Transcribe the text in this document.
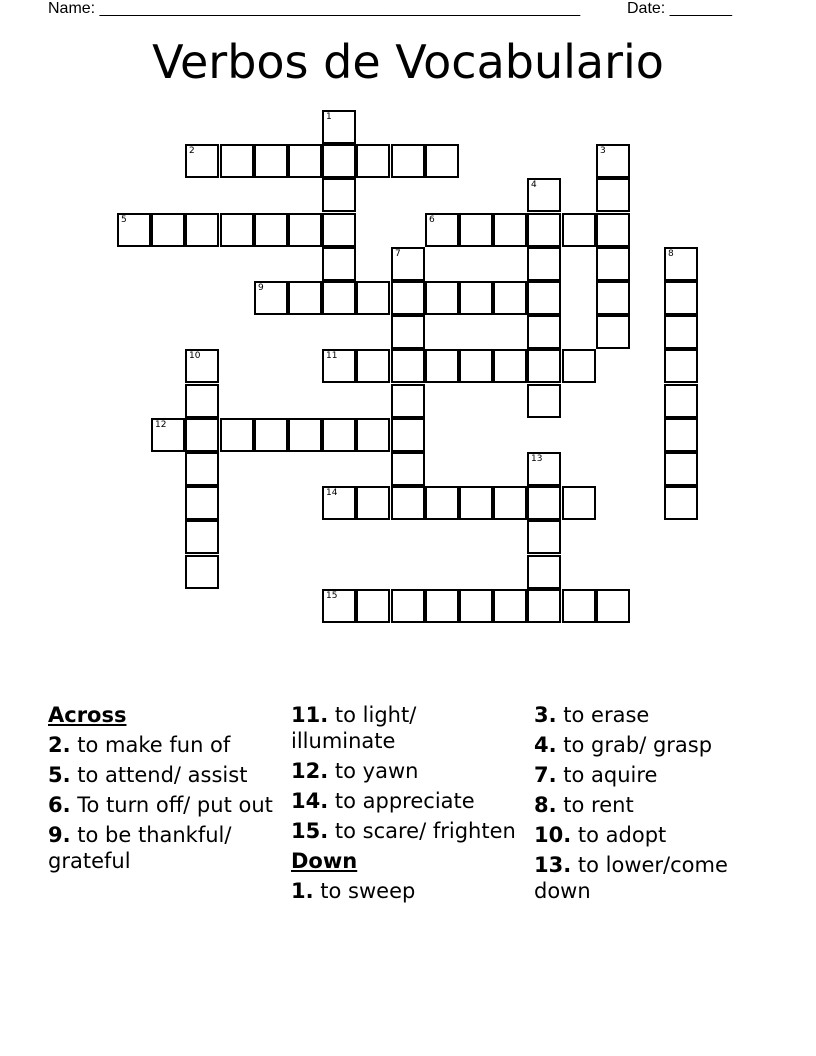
Name: ______________________________________________________	Date: _______
Verbos de Vocabulario
1
2	3
4
5	6
7	8
9
10	11
12
13
14
15
Across
2. to make fun of
5. to attend/ assist
6. To turn off/ put out
9. to be thankful/ grateful
11. to light/ illuminate
12. to yawn
14. to appreciate
15. to scare/ frighten
Down
1. to sweep
3. to erase
4. to grab/ grasp
7. to aquire
8. to rent
10. to adopt
13. to lower/come down
